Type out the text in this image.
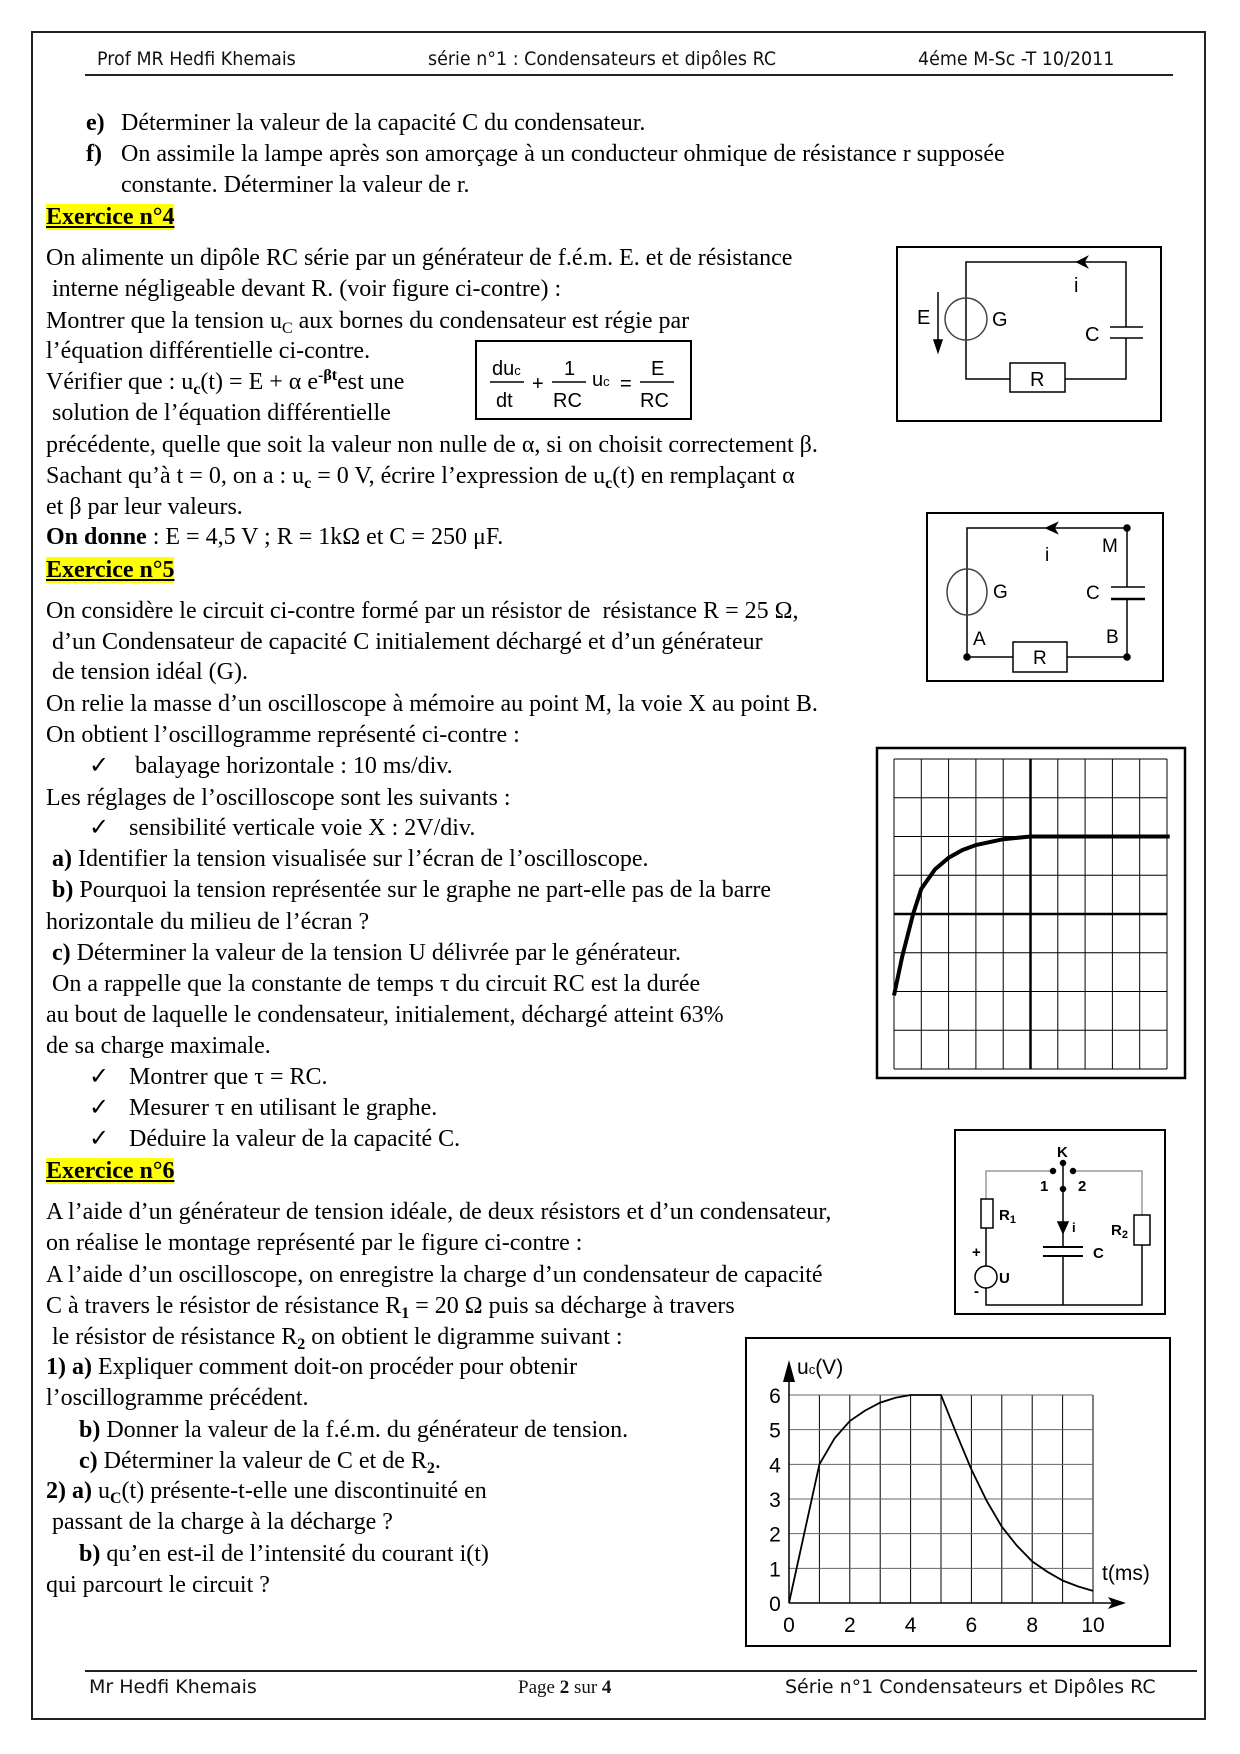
Prof MR Hedfi Khemais	série n°1 : Condensateurs et dipôles RC	4éme M-Sc -T 10/2011
e) Déterminer la valeur de la capacité C du condensateur.
f) On assimile la lampe après son amorçage à un conducteur ohmique de résistance r supposée
constante. Déterminer la valeur de r.
Exercice n°4
On alimente un dipôle RC série par un générateur de f.é.m. E. et de résistance
interne négligeable devant R. (voir figure ci-contre) :
Montrer que la tension $u_C$ aux bornes du condensateur est régie par
l’équation différentielle ci-contre.
Vérifier que : $u_c(t) = E + \alpha$ $e^{-\beta t}est$ une
solution de l’équation différentielle
précédente, quelle que soit la valeur non nulle de α, si on choisit correctement β.
Sachant qu’à t = 0, on a : $u_c = 0$ V, écrire l’expression de $u_c(t)$ en remplaçant α
et β par leur valeurs.
On donne : E = 4,5 V ; R = 1kΩ et C = 250 μF.
Exercice n°5
On considère le circuit ci-contre formé par un résistor de  résistance R = 25 Ω,
d’un Condensateur de capacité C initialement déchargé et d’un générateur
de tension idéal (G).
On relie la masse d’un oscilloscope à mémoire au point M, la voie X au point B.
On obtient l’oscillogramme représenté ci-contre :
✓ balayage horizontale : 10 ms/div.
Les réglages de l’oscilloscope sont les suivants :
✓ sensibilité verticale voie X : 2V/div.
a) Identifier la tension visualisée sur l’écran de l’oscilloscope.
b) Pourquoi la tension représentée sur le graphe ne part-elle pas de la barre
horizontale du milieu de l’écran ?
c) Déterminer la valeur de la tension U délivrée par le générateur.
On a rappelle que la constante de temps τ du circuit RC est la durée
au bout de laquelle le condensateur, initialement, déchargé atteint 63%
de sa charge maximale.
✓ Montrer que τ = RC.
✓ Mesurer τ en utilisant le graphe.
✓ Déduire la valeur de la capacité C.
Exercice n°6
A l’aide d’un générateur de tension idéale, de deux résistors et d’un condensateur,
on réalise le montage représenté par le figure ci-contre :
A l’aide d’un oscilloscope, on enregistre la charge d’un condensateur de capacité
C à travers le résistor de résistance $R_1 = 20$ Ω puis sa décharge à travers
le résistor de résistance $R_2$ on obtient le digramme suivant :
1) a) Expliquer comment doit-on procéder pour obtenir
l’oscillogramme précédent.
b) Donner la valeur de la f.é.m. du générateur de tension.
c) Déterminer la valeur de C et de $R_2$.
2) a) $u_C(t)$ présente-t-elle une discontinuité en
passant de la charge à la décharge ?
b) qu’en est-il de l’intensité du courant i(t)
qui parcourt le circuit ?
Mr Hedfi Khemais	Page 2 sur 4	Série n°1 Condensateurs et Dipôles RC
duc
dt
+
1
RC
uc =
E
RC
E	G
i
C
R
i	M
G	C
A	B
R
K
1 2
$R_1$
$R_2$
i
C
U
+
-
0 2 4 6 8 10
0
1
2
3
4
5
6
uc(V)
t(ms)
